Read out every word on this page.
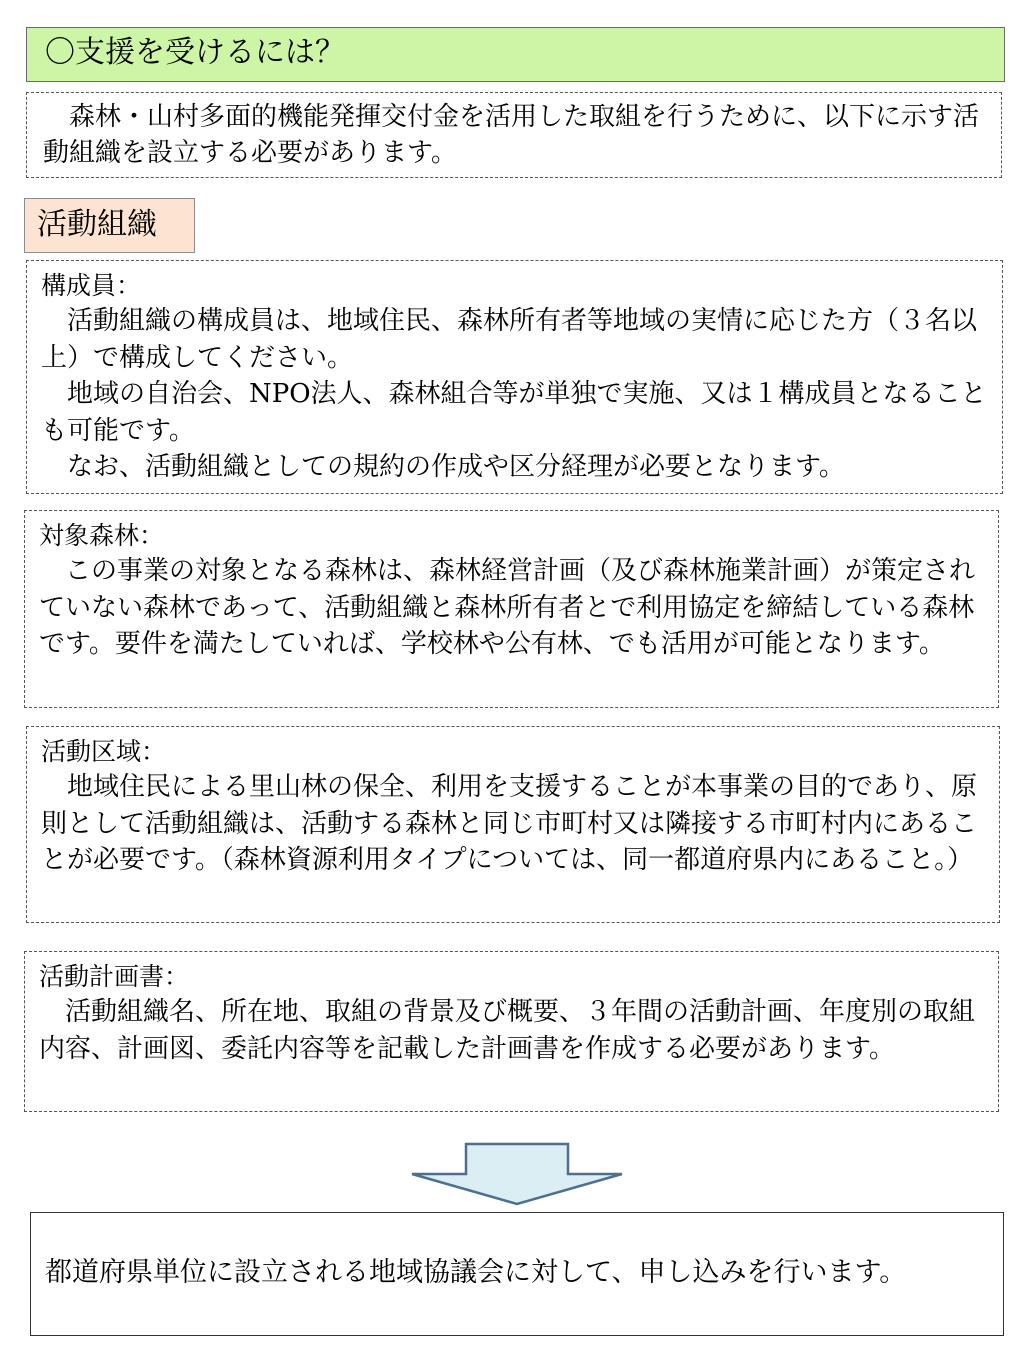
〇支援を受けるには？

森林・山村多面的機能発揮交付金を活用した取組を行うために、以下に示す活動組織を設立する必要があります。

活動組織
構成員：

活動組織の構成員は、地域住民、森林所有者等地域の実情に応じた方（３名以上）で構成してください。

地域の自治会、NPO法人、森林組合等が単独で実施、又は１構成員となることも可能です。

なお、活動組織としての規約の作成や区分経理が必要となります。

対象森林：

この事業の対象となる森林は、森林経営計画（及び森林施業計画）が策定されていない森林であって、活動組織と森林所有者とで利用協定を締結している森林です。要件を満たしていれば、学校林や公有林、でも活用が可能となります。

活動区域：

地域住民による里山林の保全、利用を支援することが本事業の目的であり、原則として活動組織は、活動する森林と同じ市町村又は隣接する市町村内にあることが必要です。（森林資源利用タイプについては、同一都道府県内にあること。）

活動計画書：

活動組織名、所在地、取組の背景及び概要、３年間の活動計画、年度別の取組内容、計画図、委託内容等を記載した計画書を作成する必要があります。

都道府県単位に設立される地域協議会に対して、申し込みを行います。
